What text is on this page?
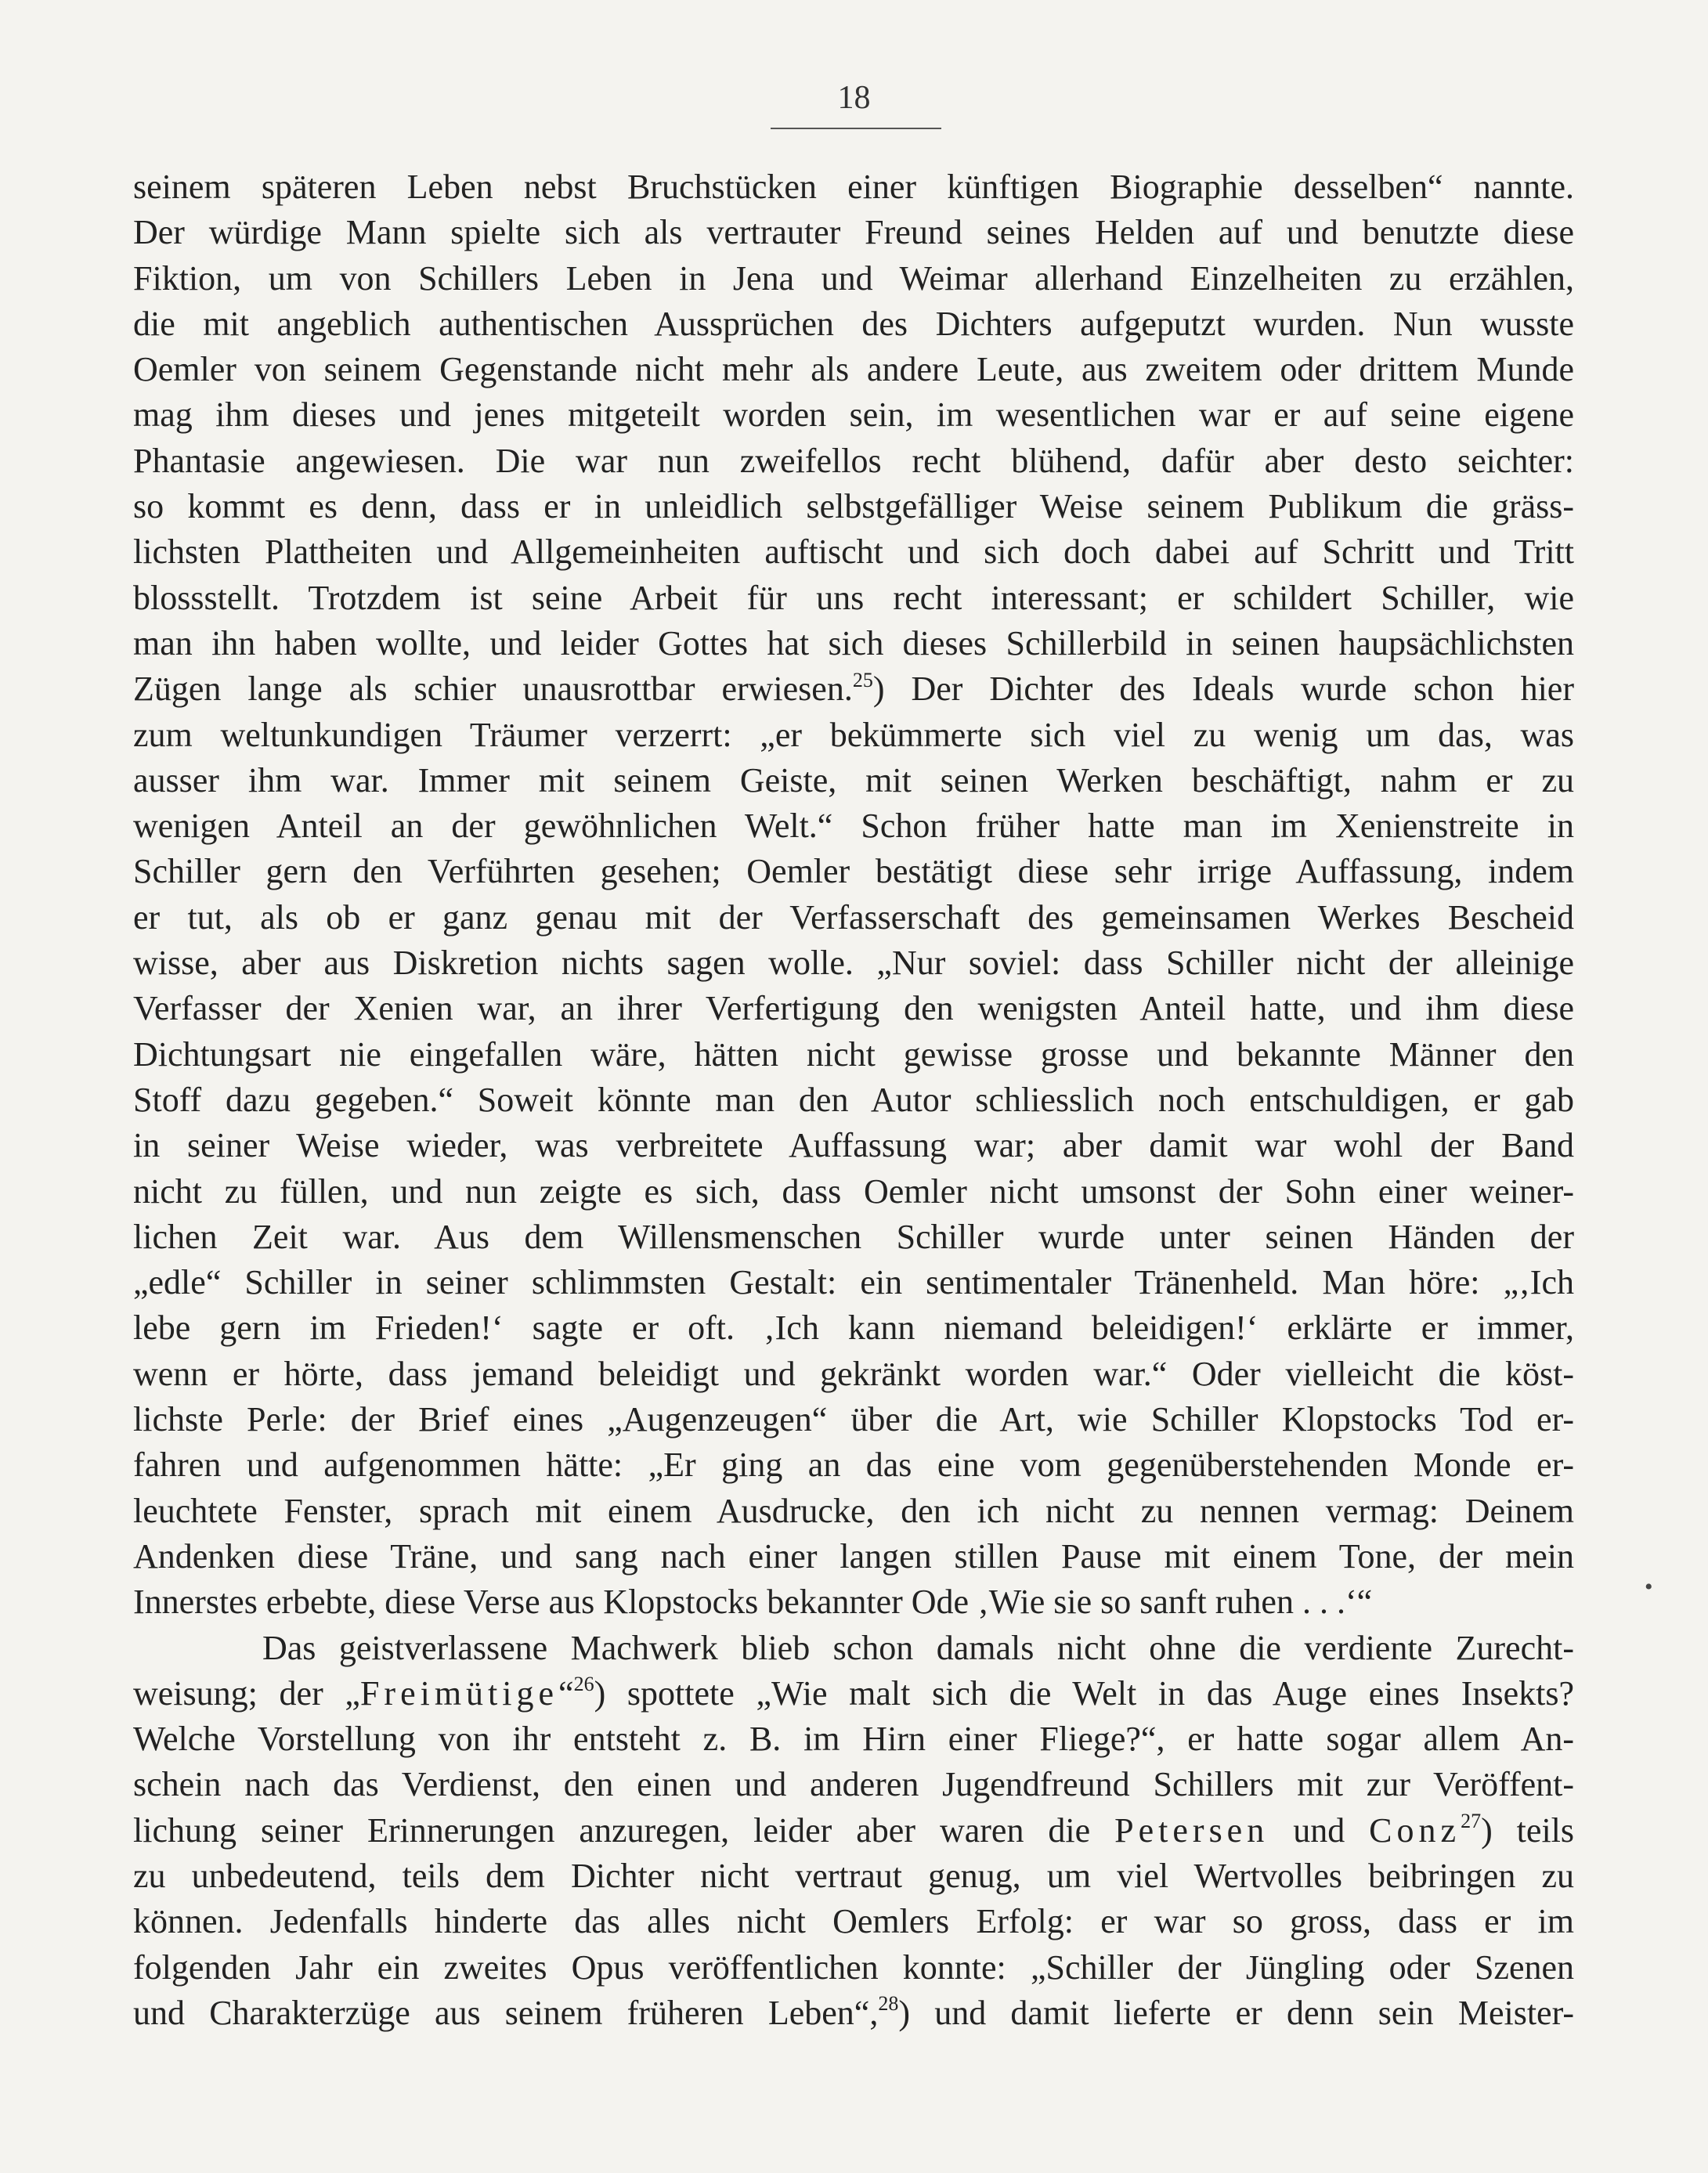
18
seinem späteren Leben nebst Bruchstücken einer künftigen Biographie desselben“ nannte.
Der würdige Mann spielte sich als vertrauter Freund seines Helden auf und benutzte diese
Fiktion, um von Schillers Leben in Jena und Weimar allerhand Einzelheiten zu erzählen,
die mit angeblich authentischen Aussprüchen des Dichters aufgeputzt wurden. Nun wusste
Oemler von seinem Gegenstande nicht mehr als andere Leute, aus zweitem oder drittem Munde
mag ihm dieses und jenes mitgeteilt worden sein, im wesentlichen war er auf seine eigene
Phantasie angewiesen. Die war nun zweifellos recht blühend, dafür aber desto seichter:
so kommt es denn, dass er in unleidlich selbstgefälliger Weise seinem Publikum die gräss-
lichsten Plattheiten und Allgemeinheiten auftischt und sich doch dabei auf Schritt und Tritt
blossstellt. Trotzdem ist seine Arbeit für uns recht interessant; er schildert Schiller, wie
man ihn haben wollte, und leider Gottes hat sich dieses Schillerbild in seinen haupsächlichsten
Zügen lange als schier unausrottbar erwiesen.$^{25}$) Der Dichter des Ideals wurde schon hier
zum weltunkundigen Träumer verzerrt: „er bekümmerte sich viel zu wenig um das, was
ausser ihm war. Immer mit seinem Geiste, mit seinen Werken beschäftigt, nahm er zu
wenigen Anteil an der gewöhnlichen Welt.“ Schon früher hatte man im Xenienstreite in
Schiller gern den Verführten gesehen; Oemler bestätigt diese sehr irrige Auffassung, indem
er tut, als ob er ganz genau mit der Verfasserschaft des gemeinsamen Werkes Bescheid
wisse, aber aus Diskretion nichts sagen wolle. „Nur soviel: dass Schiller nicht der alleinige
Verfasser der Xenien war, an ihrer Verfertigung den wenigsten Anteil hatte, und ihm diese
Dichtungsart nie eingefallen wäre, hätten nicht gewisse grosse und bekannte Männer den
Stoff dazu gegeben.“ Soweit könnte man den Autor schliesslich noch entschuldigen, er gab
in seiner Weise wieder, was verbreitete Auffassung war; aber damit war wohl der Band
nicht zu füllen, und nun zeigte es sich, dass Oemler nicht umsonst der Sohn einer weiner-
lichen Zeit war. Aus dem Willensmenschen Schiller wurde unter seinen Händen der
„edle“ Schiller in seiner schlimmsten Gestalt: ein sentimentaler Tränenheld. Man höre: „‚Ich
lebe gern im Frieden!‘ sagte er oft. ‚Ich kann niemand beleidigen!‘ erklärte er immer,
wenn er hörte, dass jemand beleidigt und gekränkt worden war.“ Oder vielleicht die köst-
lichste Perle: der Brief eines „Augenzeugen“ über die Art, wie Schiller Klopstocks Tod er-
fahren und aufgenommen hätte: „Er ging an das eine vom gegenüberstehenden Monde er-
leuchtete Fenster, sprach mit einem Ausdrucke, den ich nicht zu nennen vermag: Deinem
Andenken diese Träne, und sang nach einer langen stillen Pause mit einem Tone, der mein
Innerstes erbebte, diese Verse aus Klopstocks bekannter Ode ‚Wie sie so sanft ruhen . . .‘“
Das geistverlassene Machwerk blieb schon damals nicht ohne die verdiente Zurecht-
weisung; der „Freimütige“$^{26}$) spottete „Wie malt sich die Welt in das Auge eines Insekts?
Welche Vorstellung von ihr entsteht z. B. im Hirn einer Fliege?“, er hatte sogar allem An-
schein nach das Verdienst, den einen und anderen Jugendfreund Schillers mit zur Veröffent-
lichung seiner Erinnerungen anzuregen, leider aber waren die Petersen und Conz$^{27}$) teils
zu unbedeutend, teils dem Dichter nicht vertraut genug, um viel Wertvolles beibringen zu
können. Jedenfalls hinderte das alles nicht Oemlers Erfolg: er war so gross, dass er im
folgenden Jahr ein zweites Opus veröffentlichen konnte: „Schiller der Jüngling oder Szenen
und Charakterzüge aus seinem früheren Leben“,$^{28}$) und damit lieferte er denn sein Meister-
•
